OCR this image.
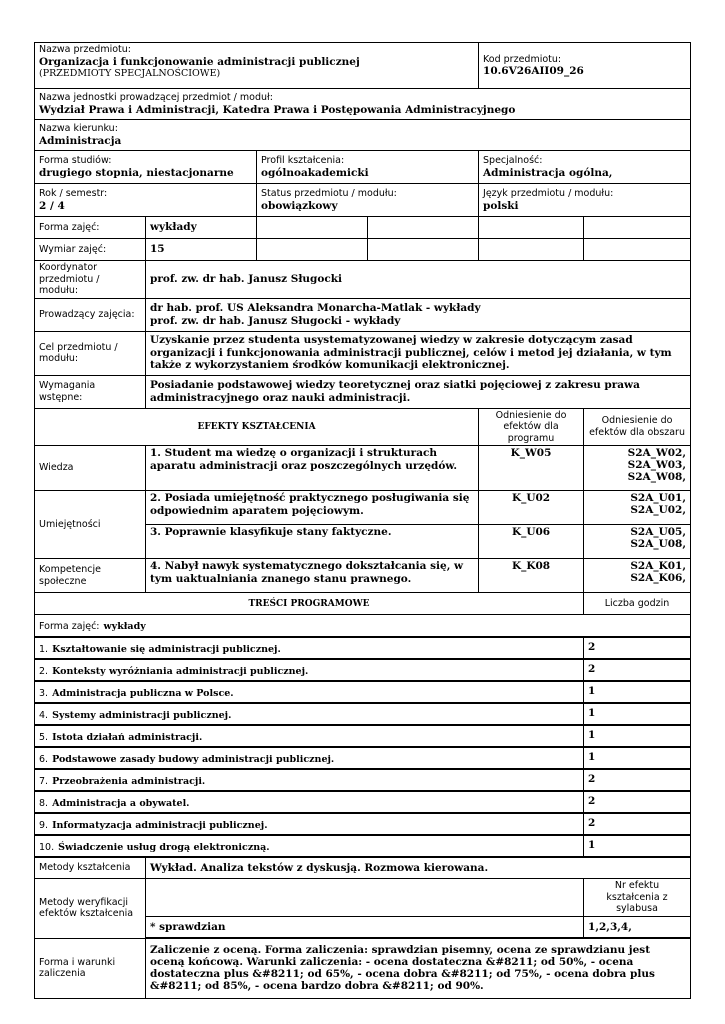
Nazwa przedmiotu:
Organizacja i funkcjonowanie administracji publicznej
(PRZEDMIOTY SPECJALNOŚCIOWE)				Kod przedmiotu:
10.6V26AII09_26	

Nazwa jednostki prowadzącej przedmiot / moduł:
Wydział Prawa i Administracji, Katedra Prawa i Postępowania Administracyjnego					

Nazwa kierunku:
Administracja					

Forma studiów:
drugiego stopnia, niestacjonarne		Profil kształcenia:
ogólnoakademicki		Specjalność:
Administracja ogólna,	

Rok / semestr:
2 / 4		Status przedmiotu / modułu:
obowiązkowy		Język przedmiotu / modułu:
polski	

Forma zajęć:	wykłady				
Wymiar zajęć:	15				
Koordynator przedmiotu / modułu:	prof. zw. dr hab. Janusz Sługocki				
Prowadzący zajęcia:	dr hab. prof. US Aleksandra Monarcha-Matlak - wykłady
prof. zw. dr hab. Janusz Sługocki - wykłady				

Cel przedmiotu / modułu:	Uzyskanie przez studenta usystematyzowanej wiedzy w zakresie dotyczącym zasad organizacji i funkcjonowania administracji publicznej, celów i metod jej działania, w tym także z wykorzystaniem środków komunikacji elektronicznej.				
Wymagania wstępne:	Posiadanie podstawowej wiedzy teoretycznej oraz siatki pojęciowej z zakresu prawa administracyjnego oraz nauki administracji.				
EFEKTY KSZTAŁCENIA				Odniesienie do efektów dla programu	Odniesienie do efektów dla obszaru
Wiedza	1. Student ma wiedzę o organizacji i strukturach aparatu administracji oraz poszczególnych urzędów.			K_W05	S2A_W02,
S2A_W03,
S2A_W08,

Umiejętności	2. Posiada umiejętność praktycznego posługiwania się odpowiednim aparatem pojęciowym.			K_U02	S2A_U01,
S2A_U02,

	3. Poprawnie klasyfikuje stany faktyczne.			K_U06	S2A_U05,
S2A_U08,

Kompetencje społeczne	4. Nabył nawyk systematycznego dokształcania się, w tym uaktualniania znanego stanu prawnego.			K_K08	S2A_K01,
S2A_K06,

TREŚCI PROGRAMOWE					Liczba godzin
Forma zajęć: wykłady					
1. Kształtowanie się administracji publicznej.					2
2. Konteksty wyróżniania administracji publicznej.					2
3. Administracja publiczna w Polsce.					1
4. Systemy administracji publicznej.					1
5. Istota działań administracji.					1
6. Podstawowe zasady budowy administracji publicznej.					1
7. Przeobrażenia administracji.					2
8. Administracja a obywatel.					2
9. Informatyzacja administracji publicznej.					2
10. Świadczenie usług drogą elektroniczną.					1
Metody kształcenia	Wykład. Analiza tekstów z dyskusją. Rozmowa kierowana.				
Metody weryfikacji efektów kształcenia					Nr efektu kształcenia z sylabusa
	* sprawdzian				1,2,3,4,
Forma i warunki zaliczenia	Zaliczenie z oceną. Forma zaliczenia: sprawdzian pisemny, ocena ze sprawdzianu jest oceną końcową. Warunki zaliczenia: - ocena dostateczna &#8211; od 50%, - ocena dostateczna plus &#8211; od 65%, - ocena dobra &#8211; od 75%, - ocena dobra plus &#8211; od 85%, - ocena bardzo dobra &#8211; od 90%.				
